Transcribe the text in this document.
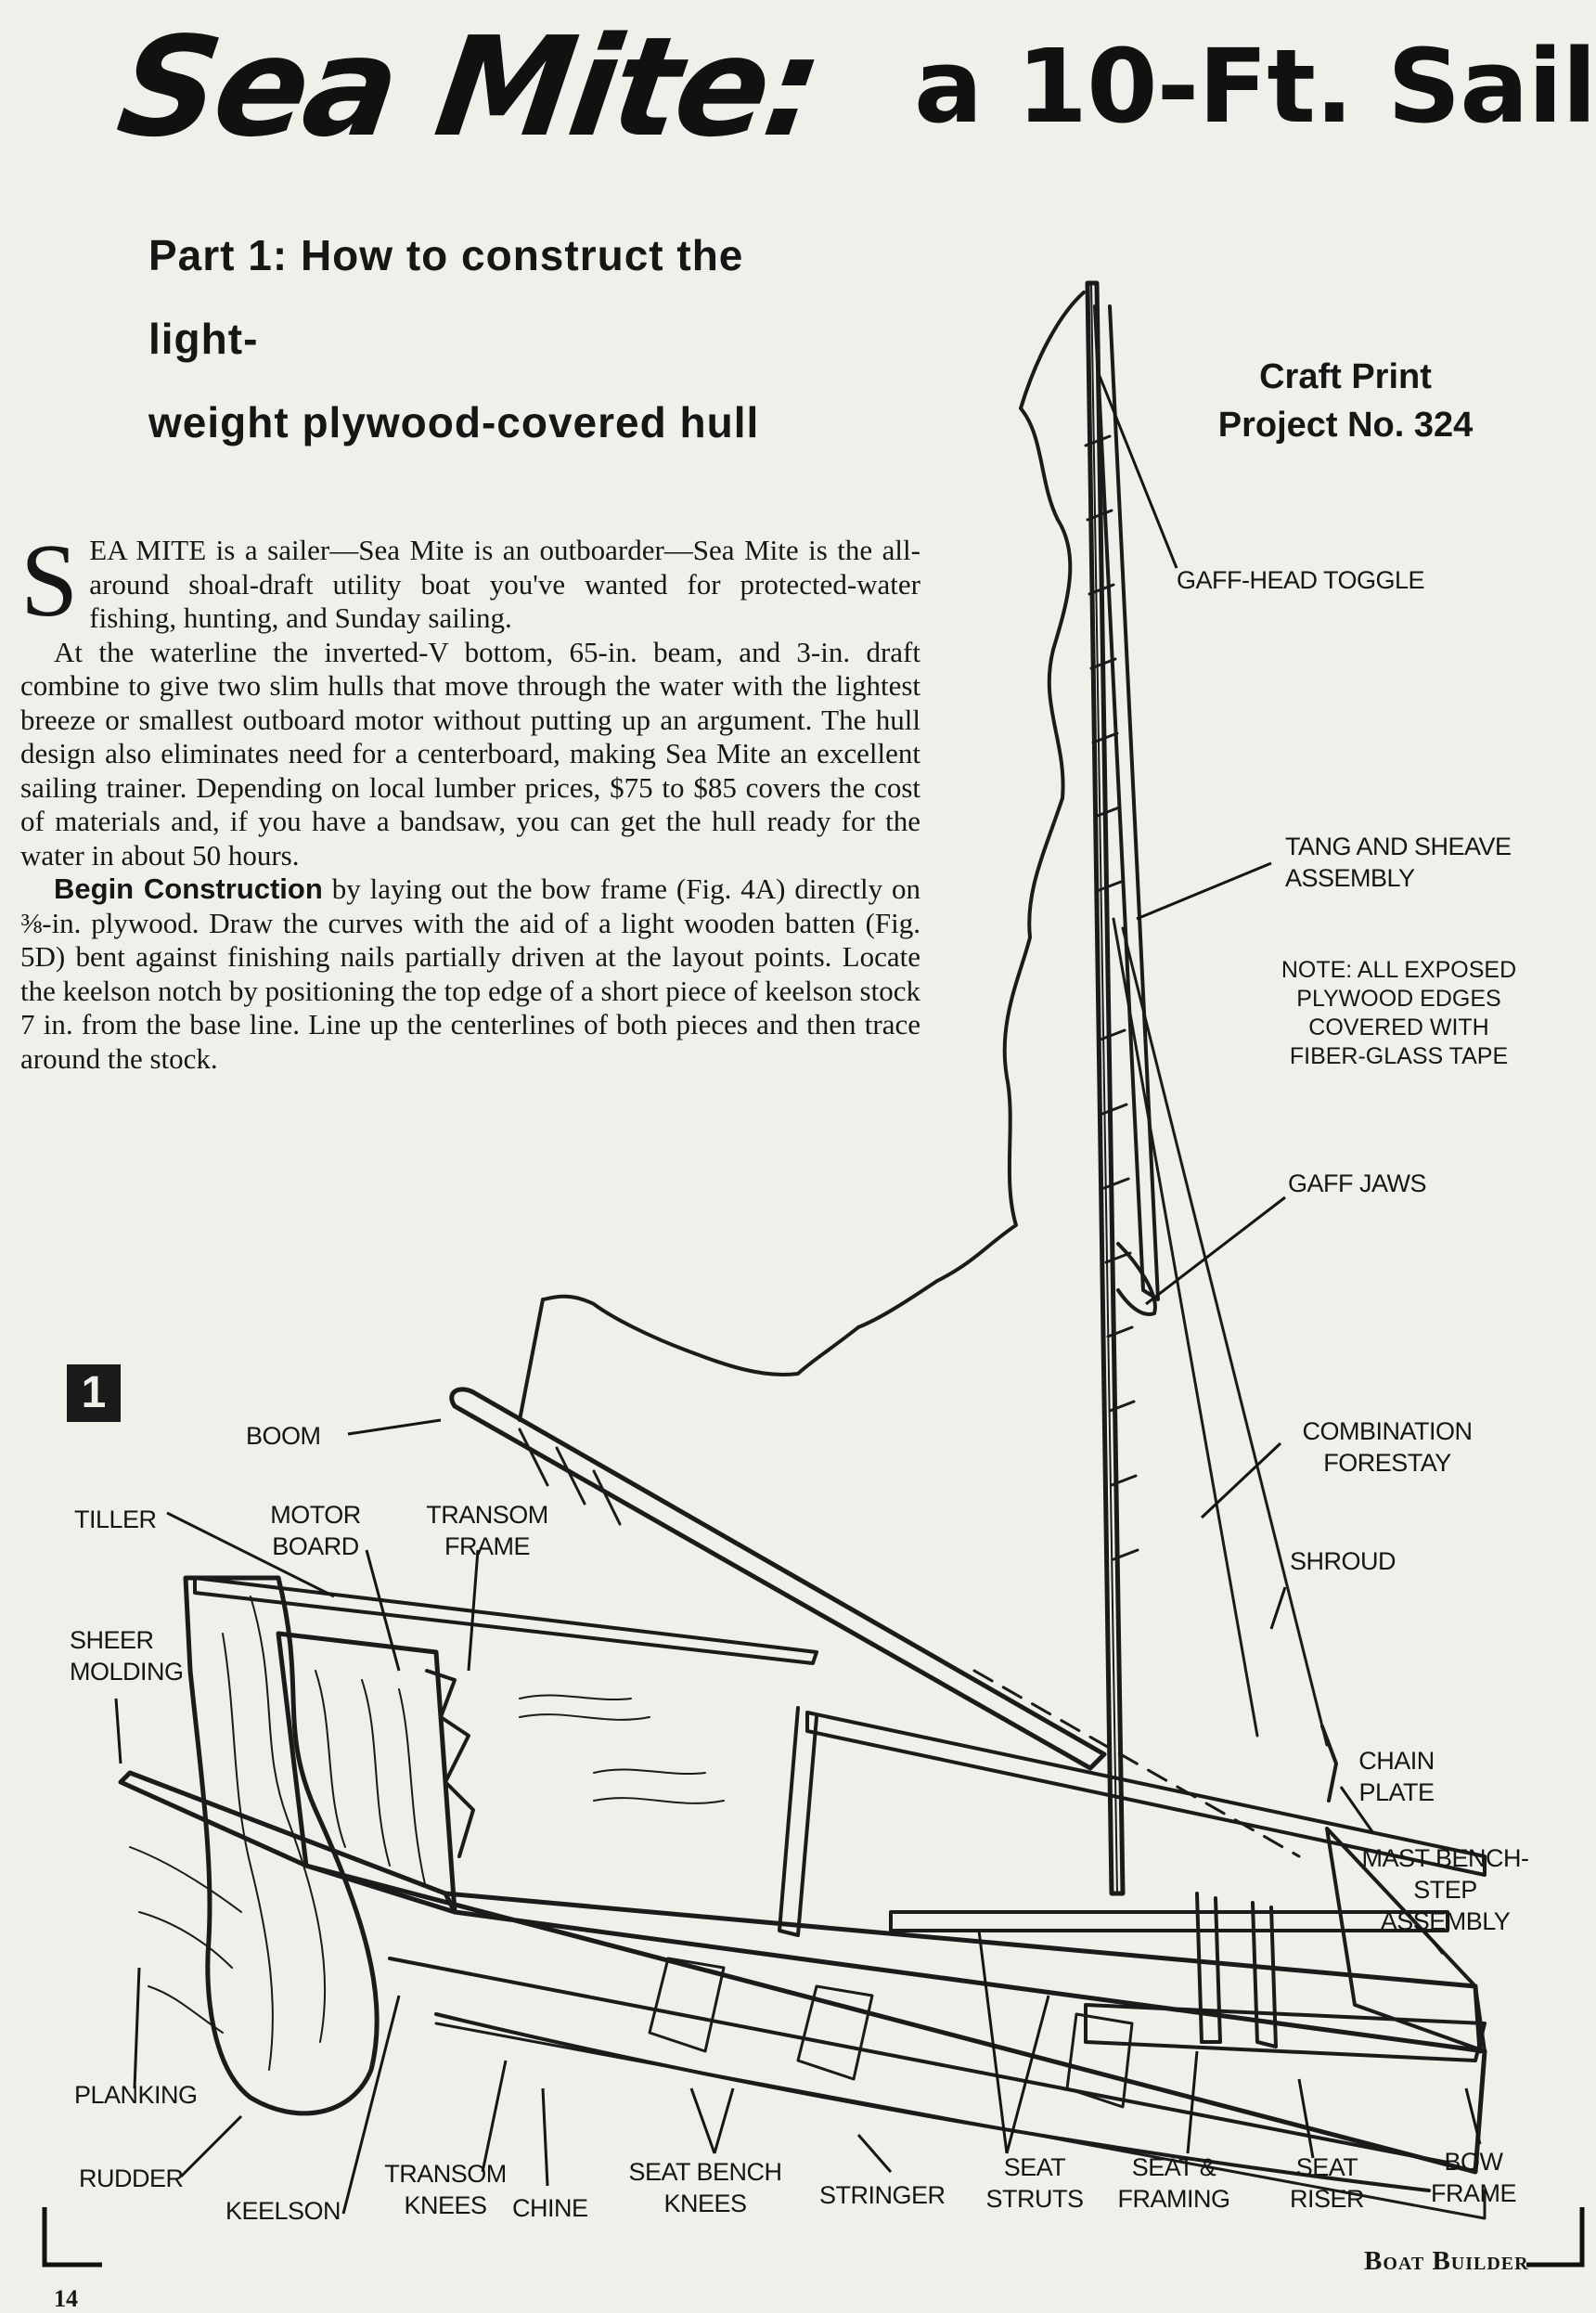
Sea Mite: a 10-Ft. Sail
Part 1: How to construct the light-
weight plywood-covered hull
Craft Print
Project No. 324

SEA MITE is a sailer—Sea Mite is an outboarder—Sea Mite is the all-around shoal-draft utility boat you've wanted for protected-water fishing, hunting, and Sunday sailing.

At the waterline the inverted-V bottom, 65-in. beam, and 3-in. draft combine to give two slim hulls that move through the water with the lightest breeze or smallest outboard motor without putting up an argument. The hull design also eliminates need for a centerboard, making Sea Mite an excellent sailing trainer. Depending on local lumber prices, $75 to $85 covers the cost of materials and, if you have a bandsaw, you can get the hull ready for the water in about 50 hours.

Begin Construction by laying out the bow frame (Fig. 4A) directly on ⅜-in. plywood. Draw the curves with the aid of a light wooden batten (Fig. 5D) bent against finishing nails partially driven at the layout points. Locate the keelson notch by positioning the top edge of a short piece of keelson stock 7 in. from the base line. Line up the centerlines of both pieces and then trace around the stock.

1
GAFF-HEAD TOGGLE
TANG AND SHEAVE ASSEMBLY
NOTE: ALL EXPOSED PLYWOOD EDGES COVERED WITH FIBER-GLASS TAPE
GAFF JAWS
BOOM	COMBINATION FORESTAY
SHROUD
TILLER	MOTOR BOARD
TRANSOM FRAME
SHEER MOLDING
CHAIN PLATE
MAST BENCH-STEP ASSEMBLY
PLANKING
RUDDER
KEELSON
TRANSOM KNEES	CHINE
SEAT BENCH KNEES	STRINGER
SEAT STRUTS
SEAT & FRAMING
SEAT RISER
BOW FRAME
14
Boat Builder
